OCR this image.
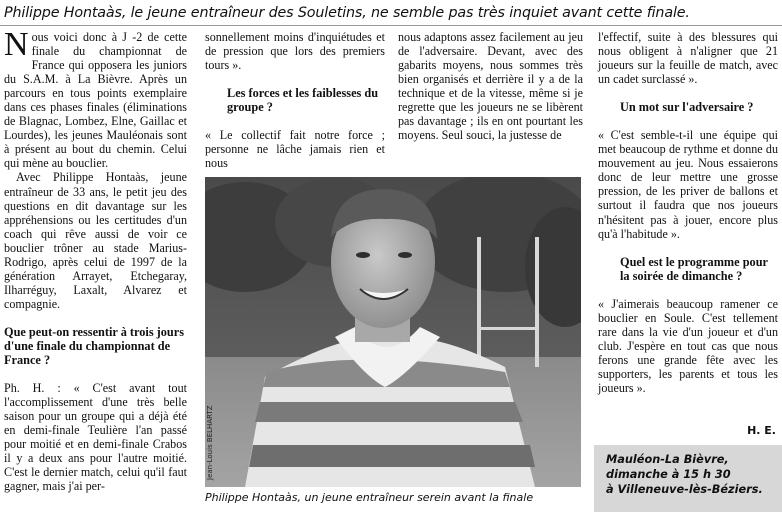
Philippe Hontaàs, le jeune entraîneur des Souletins, ne semble pas très inquiet avant cette finale.

Nous voici donc à J -2 de cette finale du championnat de France qui opposera les juniors du S.A.M. à La Bièvre. Après un parcours en tous points exemplaire dans ces phases finales (éliminations de Blagnac, Lombez, Elne, Gaillac et Lourdes), les jeunes Mauléonais sont à présent au bout du chemin. Celui qui mène au bouclier.

Avec Philippe Hontaàs, jeune entraîneur de 33 ans, le petit jeu des questions en dit davantage sur les appréhensions ou les certitudes d'un coach qui rêve aussi de voir ce bouclier trôner au stade Marius-Rodrigo, après celui de 1997 de la génération Arrayet, Etchegaray, Ilharréguy, Laxalt, Alvarez et compagnie.

Que peut-on ressentir à trois jours d'une finale du championnat de France ?

Ph. H. : « C'est avant tout l'accomplissement d'une très belle saison pour un groupe qui a déjà été en demi-finale Teulière l'an passé pour moitié et en demi-finale Crabos il y a deux ans pour l'autre moitié. C'est le dernier match, celui qu'il faut gagner, mais j'ai per-

sonnellement moins d'inquiétudes et de pression que lors des premiers tours ».

Les forces et les faiblesses du groupe ?

« Le collectif fait notre force ; personne ne lâche jamais rien et nous

nous adaptons assez facilement au jeu de l'adversaire. Devant, avec des gabarits moyens, nous sommes très bien organisés et derrière il y a de la technique et de la vitesse, même si je regrette que les joueurs ne se libèrent pas davantage ; ils en ont pourtant les moyens. Seul souci, la justesse de

l'effectif, suite à des blessures qui nous obligent à n'aligner que 21 joueurs sur la feuille de match, avec un cadet surclassé ».

Un mot sur l'adversaire ?

« C'est semble-t-il une équipe qui met beaucoup de rythme et donne du mouvement au jeu. Nous essaierons donc de leur mettre une grosse pression, de les priver de ballons et surtout il faudra que nos joueurs n'hésitent pas à jouer, encore plus qu'à l'habitude ».

Quel est le programme pour la soirée de dimanche ?

« J'aimerais beaucoup ramener ce bouclier en Soule. C'est tellement rare dans la vie d'un joueur et d'un club. J'espère en tout cas que nous ferons une grande fête avec les supporters, les parents et tous les joueurs ».

Jean-Louis BELHARTZ
Philippe Hontaàs, un jeune entraîneur serein avant la finale
H. E.
Mauléon-La Bièvre,
dimanche à 15 h 30
à Villeneuve-lès-Béziers.
